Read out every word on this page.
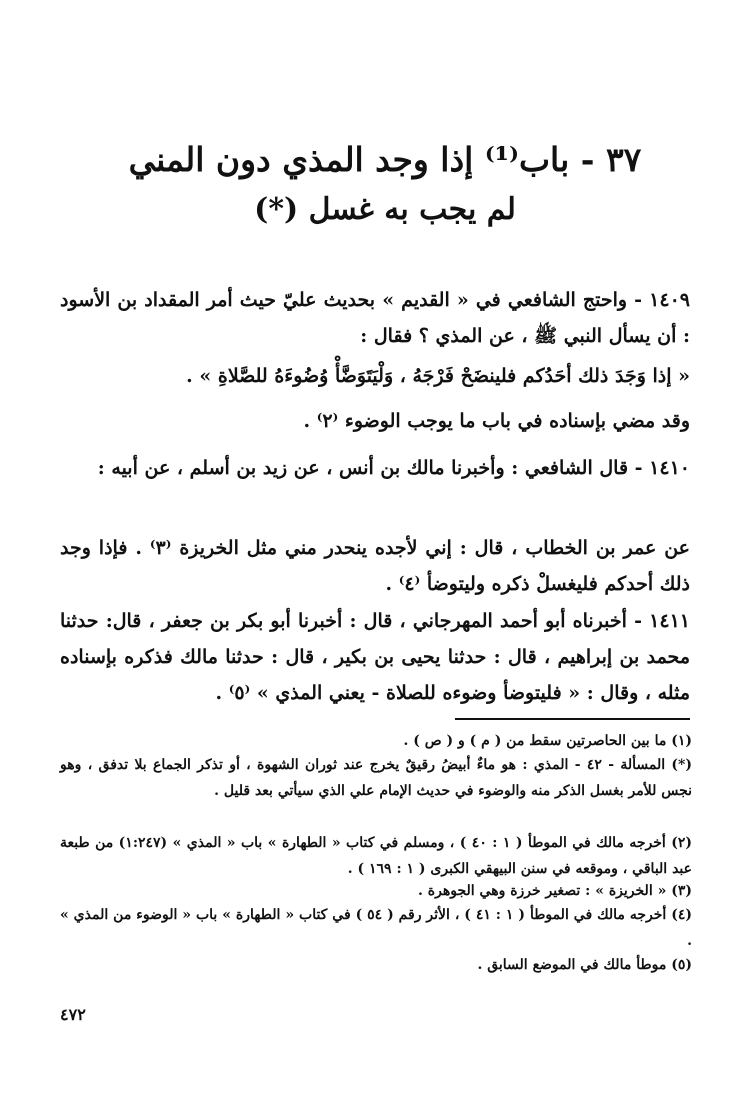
٣٧ - باب⁽¹⁾ إذا وجد المذي دون المني
لم يجب به غسل (*)
١٤٠٩ - واحتج الشافعي في « القديم » بحديث عليّ حيث أمر المقداد بن الأسود : أن يسأل النبي ﷺ ، عن المذي ؟ فقال :
« إذا وَجَدَ ذلك أحَدُكم فلينضَحْ فَرْجَهُ ، وَلْيَتَوَضَّأْ وُضُوءَهُ للصَّلاةِ » .
وقد مضي بإسناده في باب ما يوجب الوضوء ⁽٢⁾ .
١٤١٠ - قال الشافعي : وأخبرنا مالك بن أنس ، عن زيد بن أسلم ، عن أبيه :
عن عمر بن الخطاب ، قال : إني لأجده ينحدر مني مثل الخريزة ⁽٣⁾ . فإذا وجد ذلك أحدكم فليغسلْ ذكره وليتوضأ ⁽٤⁾ .
١٤١١ - أخبرناه أبو أحمد المهرجاني ، قال : أخبرنا أبو بكر بن جعفر ، قال: حدثنا محمد بن إبراهيم ، قال : حدثنا يحيى بن بكير ، قال : حدثنا مالك فذكره بإسناده مثله ، وقال : « فليتوضأ وضوءه للصلاة - يعني المذي » ⁽٥⁾ .
(١) ما بين الحاصرتين سقط من ( م ) و ( ص ) .
(*) المسألة - ٤٢ - المذي : هو ماءٌ أبيضُ رقيقٌ يخرج عند ثوران الشهوة ، أو تذكر الجماع بلا تدفق ، وهو نجس للأمر بغسل الذكر منه والوضوء في حديث الإمام علي الذي سيأتي بعد قليل .
(٢) أخرجه مالك في الموطأ ( ١ : ٤٠ ) ، ومسلم في كتاب « الطهارة » باب « المذي » (١:٢٤٧) من طبعة عبد الباقي ، وموقعه في سنن البيهقي الكبرى ( ١ : ١٦٩ ) .
(٣) « الخريزة » : تصغير خرزة وهي الجوهرة .
(٤) أخرجه مالك في الموطأ ( ١ : ٤١ ) ، الأثر رقم ( ٥٤ ) في كتاب « الطهارة » باب « الوضوء من المذي » .
(٥) موطأ مالك في الموضع السابق .
٤٧٢
